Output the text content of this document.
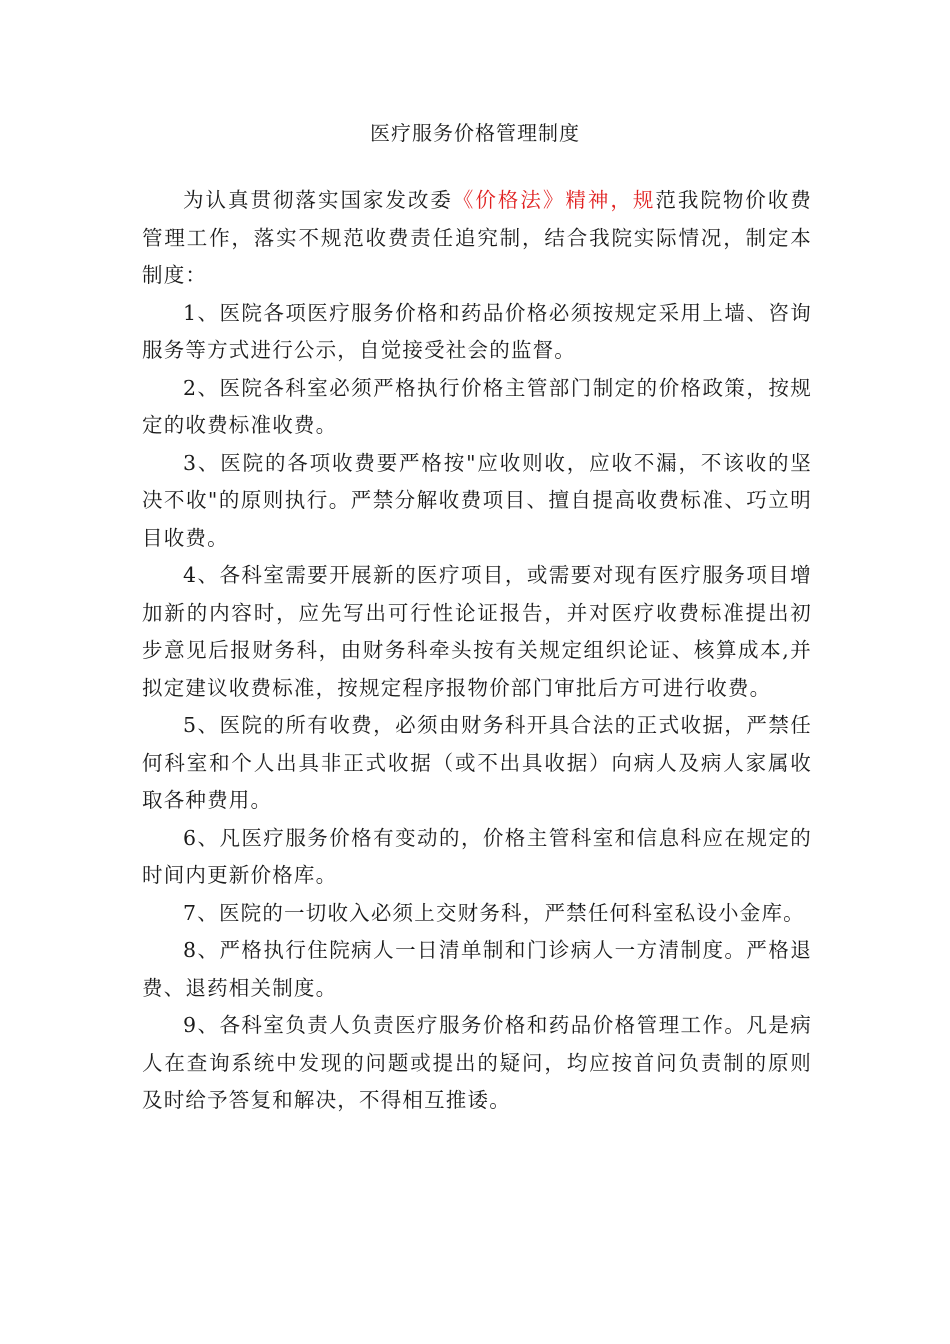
医疗服务价格管理制度

为认真贯彻落实国家发改委《价格法》精神，规范我院物价收费管理工作，落实不规范收费责任追究制，结合我院实际情况，制定本制度：

1、医院各项医疗服务价格和药品价格必须按规定采用上墙、咨询服务等方式进行公示，自觉接受社会的监督。

2、医院各科室必须严格执行价格主管部门制定的价格政策，按规定的收费标准收费。

3、医院的各项收费要严格按"应收则收，应收不漏，不该收的坚决不收"的原则执行。严禁分解收费项目、擅自提高收费标准、巧立明目收费。

4、各科室需要开展新的医疗项目，或需要对现有医疗服务项目增加新的内容时，应先写出可行性论证报告，并对医疗收费标准提出初步意见后报财务科，由财务科牵头按有关规定组织论证、核算成本,并拟定建议收费标准，按规定程序报物价部门审批后方可进行收费。

5、医院的所有收费，必须由财务科开具合法的正式收据，严禁任何科室和个人出具非正式收据（或不出具收据）向病人及病人家属收取各种费用。

6、凡医疗服务价格有变动的，价格主管科室和信息科应在规定的时间内更新价格库。

7、医院的一切收入必须上交财务科，严禁任何科室私设小金库。

8、严格执行住院病人一日清单制和门诊病人一方清制度。严格退费、退药相关制度。

9、各科室负责人负责医疗服务价格和药品价格管理工作。凡是病人在查询系统中发现的问题或提出的疑问，均应按首问负责制的原则及时给予答复和解决，不得相互推诿。
